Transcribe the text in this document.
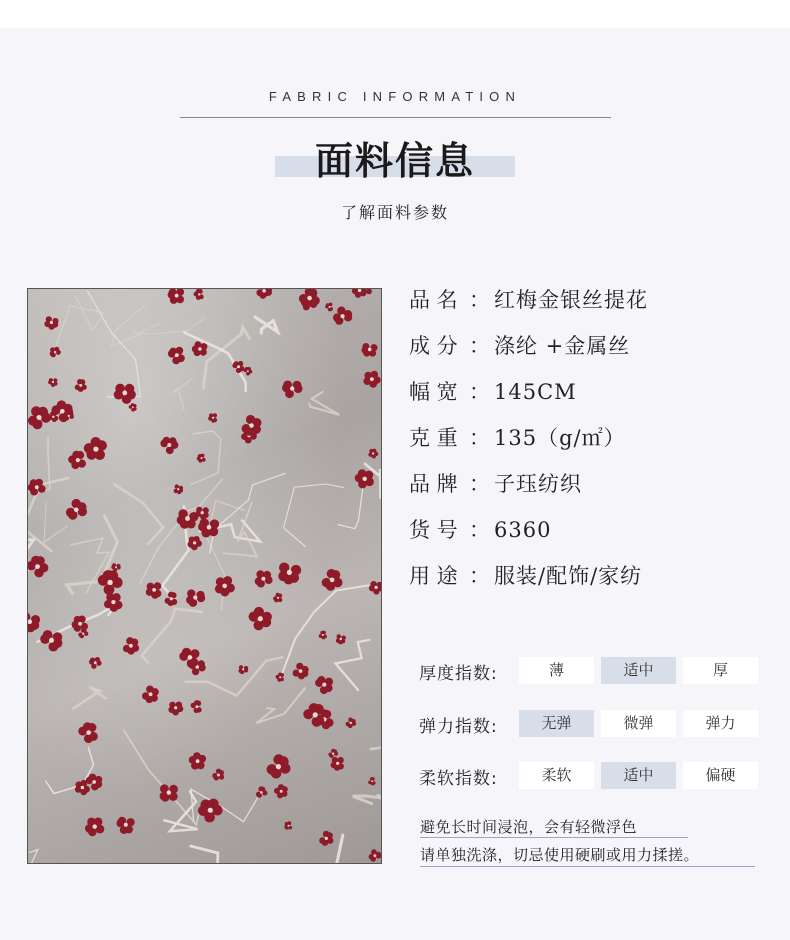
FABRIC INFORMATION
面料信息
了解面料参数
品 名 ： 红梅金银丝提花
成 分 ： 涤纶 +金属丝
幅 宽 ： 145CM
克 重 ： 135（g/㎡）
品 牌 ： 子珏纺织
货 号 ： 6360
用 途 ： 服装/配饰/家纺
厚度指数:	薄	适中	厚
弹力指数:	无弹	微弹	弹力
柔软指数:	柔软	适中	偏硬
避免长时间浸泡，会有轻微浮色
请单独洗涤，切忌使用硬刷或用力揉搓。
